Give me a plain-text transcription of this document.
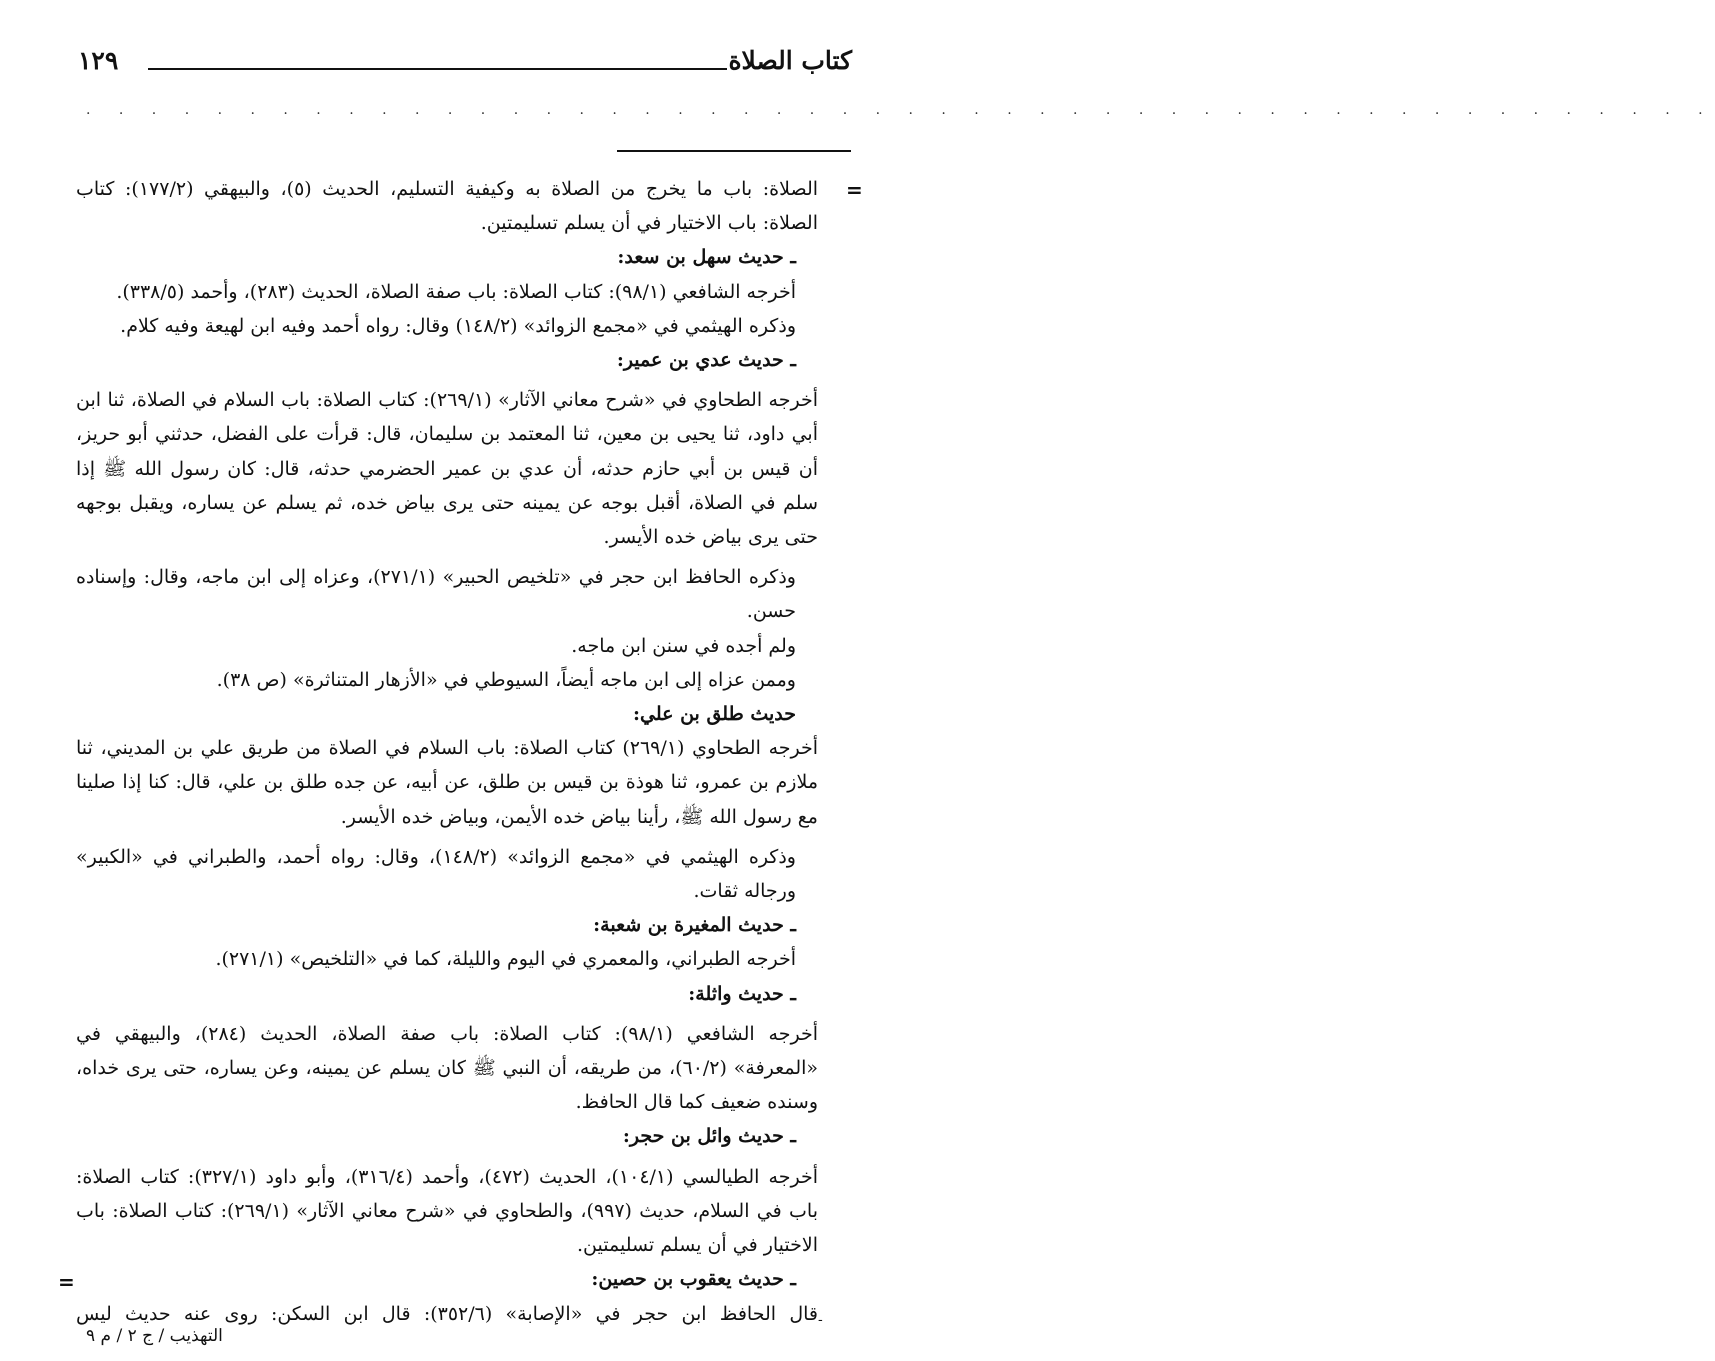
كتاب الصلاة
١٢٩
. . . . . . . . . . . . . . . . . . . . . . . . . . . . . . . . . . . . . . . . . . . . . . . . . .
=
=

الصلاة: باب ما يخرج من الصلاة به وكيفية التسليم، الحديث (٥)، والبيهقي (١٧٧/٢): كتاب الصلاة: باب الاختيار في أن يسلم تسليمتين.

ـ حديث سهل بن سعد:

أخرجه الشافعي (٩٨/١): كتاب الصلاة: باب صفة الصلاة، الحديث (٢٨٣)، وأحمد (٣٣٨/٥).

وذكره الهيثمي في «مجمع الزوائد» (١٤٨/٢) وقال: رواه أحمد وفيه ابن لهيعة وفيه كلام.

ـ حديث عدي بن عمير:

أخرجه الطحاوي في «شرح معاني الآثار» (٢٦٩/١): كتاب الصلاة: باب السلام في الصلاة، ثنا ابن أبي داود، ثنا يحيى بن معين، ثنا المعتمد بن سليمان، قال: قرأت على الفضل، حدثني أبو حريز، أن قيس بن أبي حازم حدثه، أن عدي بن عمير الحضرمي حدثه، قال: كان رسول الله ﷺ إذا سلم في الصلاة، أقبل بوجه عن يمينه حتى يرى بياض خده، ثم يسلم عن يساره، ويقبل بوجهه حتى يرى بياض خده الأيسر.

وذكره الحافظ ابن حجر في «تلخيص الحبير» (٢٧١/١)، وعزاه إلى ابن ماجه، وقال: وإسناده حسن.

ولم أجده في سنن ابن ماجه.

وممن عزاه إلى ابن ماجه أيضاً، السيوطي في «الأزهار المتناثرة» (ص ٣٨).

حديث طلق بن علي:

أخرجه الطحاوي (٢٦٩/١) كتاب الصلاة: باب السلام في الصلاة من طريق علي بن المديني، ثنا ملازم بن عمرو، ثنا هوذة بن قيس بن طلق، عن أبيه، عن جده طلق بن علي، قال: كنا إذا صلينا مع رسول الله ﷺ، رأينا بياض خده الأيمن، وبياض خده الأيسر.

وذكره الهيثمي في «مجمع الزوائد» (١٤٨/٢)، وقال: رواه أحمد، والطبراني في «الكبير» ورجاله ثقات.

ـ حديث المغيرة بن شعبة:

أخرجه الطبراني، والمعمري في اليوم والليلة، كما في «التلخيص» (٢٧١/١).

ـ حديث واثلة:

أخرجه الشافعي (٩٨/١): كتاب الصلاة: باب صفة الصلاة، الحديث (٢٨٤)، والبيهقي في «المعرفة» (٦٠/٢)، من طريقه، أن النبي ﷺ كان يسلم عن يمينه، وعن يساره، حتى يرى خداه، وسنده ضعيف كما قال الحافظ.

ـ حديث وائل بن حجر:

أخرجه الطيالسي (١٠٤/١)، الحديث (٤٧٢)، وأحمد (٣١٦/٤)، وأبو داود (٣٢٧/١): كتاب الصلاة: باب في السلام، حديث (٩٩٧)، والطحاوي في «شرح معاني الآثار» (٢٦٩/١): كتاب الصلاة: باب الاختيار في أن يسلم تسليمتين.

ـ حديث يعقوب بن حصين:

قال الحافظ ابن حجر في «الإصابة» (٣٥٢/٦): قال ابن السكن: روى عنه حديث ليس -
التهذيب / ج ٢ / م ٩
